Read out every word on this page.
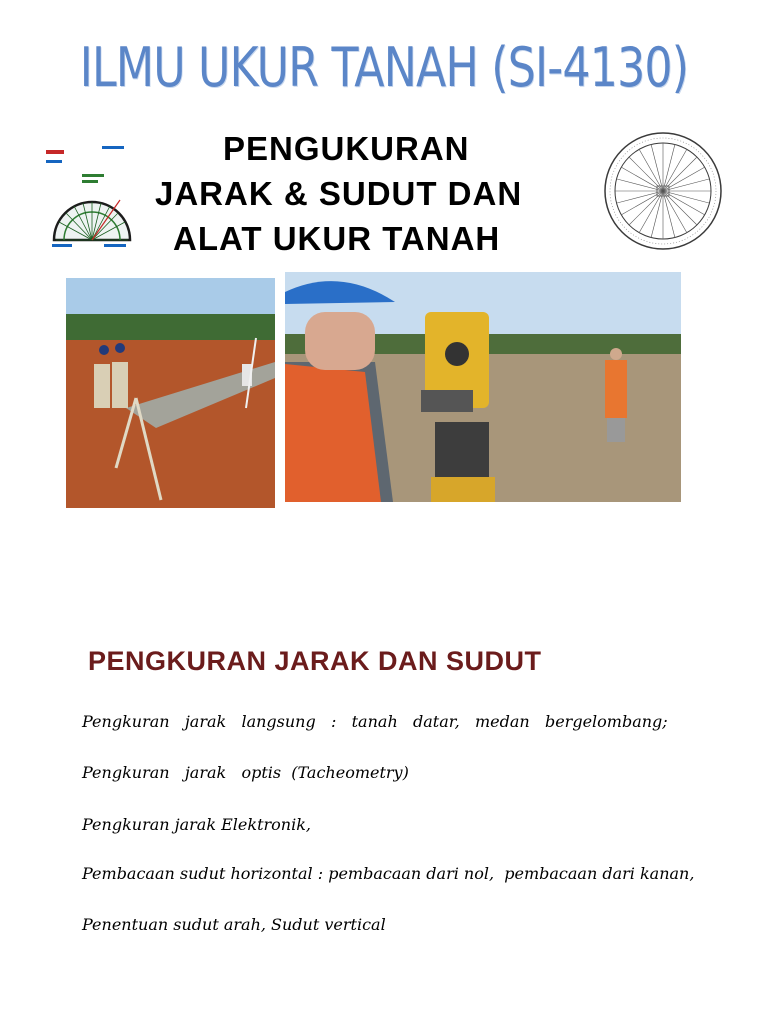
ILMU UKUR TANAH (SI-4130)
PENGUKURAN
JARAK & SUDUT DAN
ALAT UKUR TANAH
PENGKURAN JARAK DAN SUDUT
Pengkuran   jarak   langsung   :   tanah   datar,   medan   bergelombang;
Pengkuran   jarak   optis  (Tacheometry)
Pengkuran jarak Elektronik,
Pembacaan sudut horizontal : pembacaan dari nol,  pembacaan dari kanan,
Penentuan sudut arah, Sudut vertical
